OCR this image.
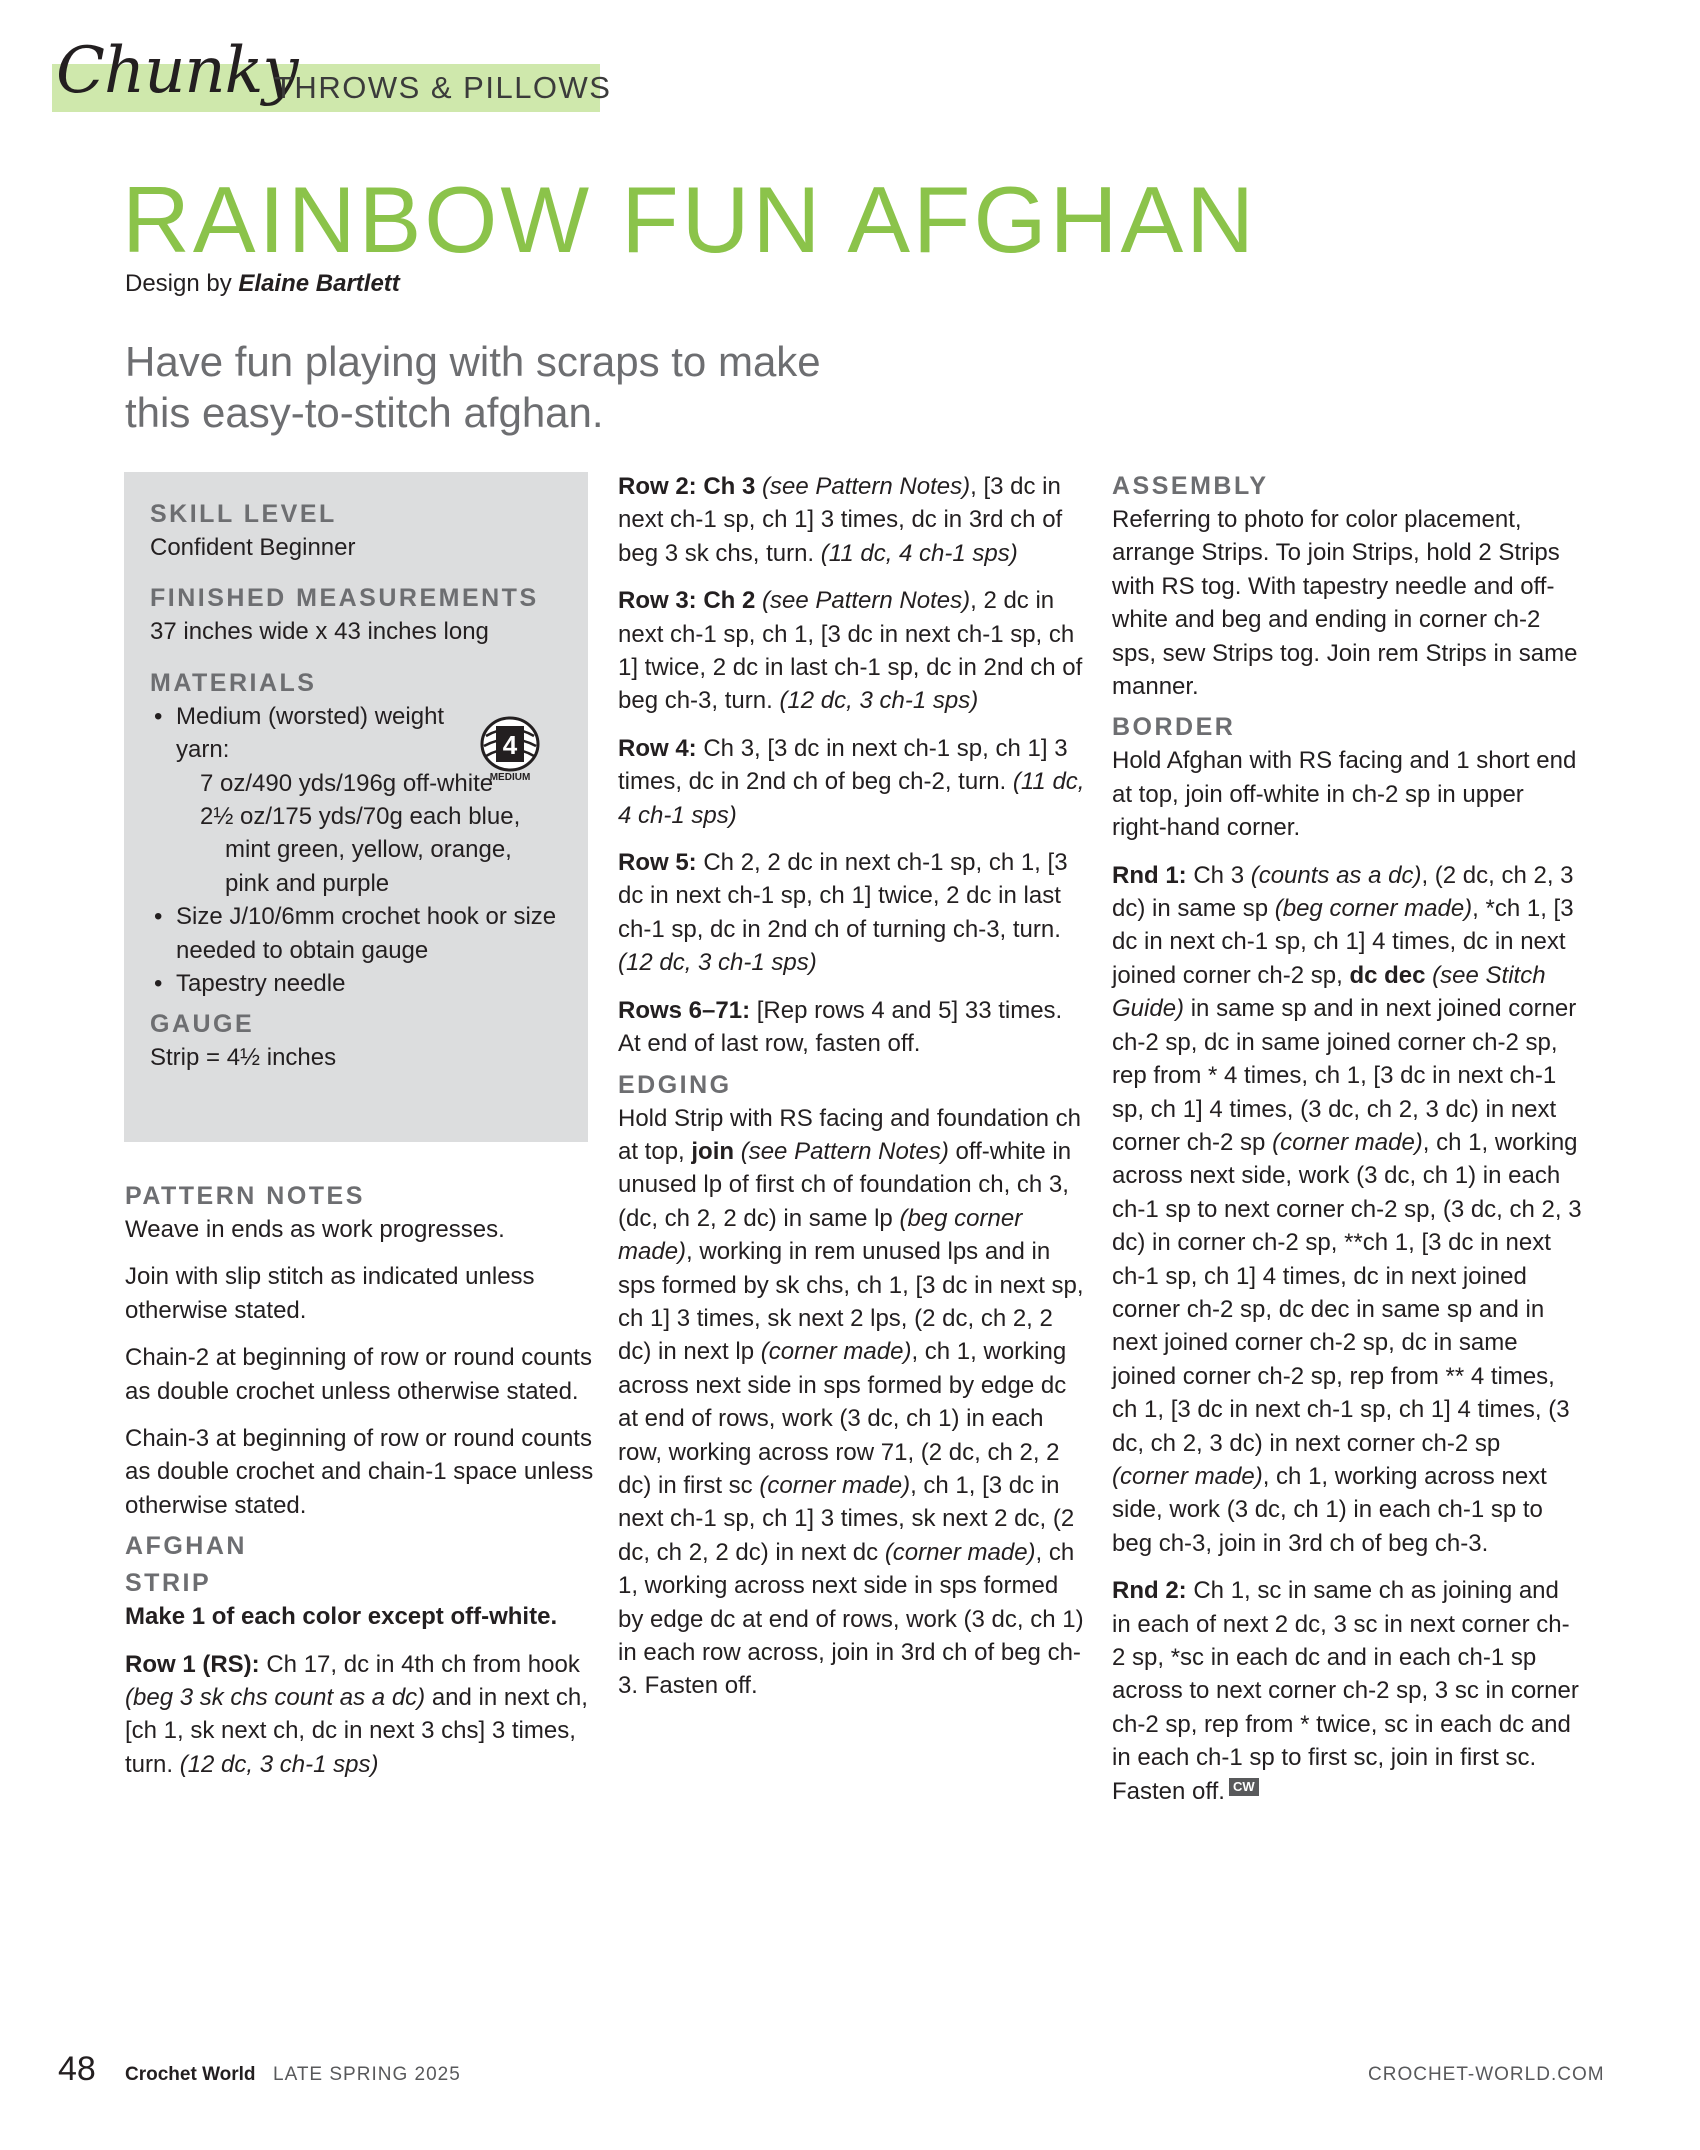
Chunky
THROWS & PILLOWS
RAINBOW FUN AFGHAN
Design by Elaine Bartlett
Have fun playing with scraps to make
this easy-to-stitch afghan.
SKILL LEVEL
Confident Beginner
FINISHED MEASUREMENTS
37 inches wide x 43 inches long
MATERIALS
• Medium (worsted) weight
yarn:
7 oz/490 yds/196g off-white
2½ oz/175 yds/70g each blue,
mint green, yellow, orange,
pink and purple
• Size J/10/6mm crochet hook or size
needed to obtain gauge
• Tapestry needle
GAUGE
Strip = 4½ inches
4
MEDIUM
PATTERN NOTES

Weave in ends as work progresses.

Join with slip stitch as indicated unless otherwise stated.

Chain-2 at beginning of row or round counts as double crochet unless otherwise stated.

Chain-3 at beginning of row or round counts as double crochet and chain-1 space unless otherwise stated.

AFGHAN
STRIP

Make 1 of each color except off-white.

Row 1 (RS): Ch 17, dc in 4th ch from hook (beg 3 sk chs count as a dc) and in next ch, [ch 1, sk next ch, dc in next 3 chs] 3 times, turn. (12 dc, 3 ch-1 sps)

Row 2: Ch 3 (see Pattern Notes), [3 dc in next ch-1 sp, ch 1] 3 times, dc in 3rd ch of beg 3 sk chs, turn. (11 dc, 4 ch-1 sps)

Row 3: Ch 2 (see Pattern Notes), 2 dc in next ch-1 sp, ch 1, [3 dc in next ch-1 sp, ch 1] twice, 2 dc in last ch-1 sp, dc in 2nd ch of beg ch-3, turn. (12 dc, 3 ch-1 sps)

Row 4: Ch 3, [3 dc in next ch-1 sp, ch 1] 3 times, dc in 2nd ch of beg ch-2, turn. (11 dc, 4 ch-1 sps)

Row 5: Ch 2, 2 dc in next ch-1 sp, ch 1, [3 dc in next ch-1 sp, ch 1] twice, 2 dc in last ch-1 sp, dc in 2nd ch of turning ch-3, turn. (12 dc, 3 ch-1 sps)

Rows 6–71: [Rep rows 4 and 5] 33 times. At end of last row, fasten off.

EDGING

Hold Strip with RS facing and foundation ch at top, join (see Pattern Notes) off-white in unused lp of first ch of foundation ch, ch 3, (dc, ch 2, 2 dc) in same lp (beg corner made), working in rem unused lps and in sps formed by sk chs, ch 1, [3 dc in next sp, ch 1] 3 times, sk next 2 lps, (2 dc, ch 2, 2 dc) in next lp (corner made), ch 1, working across next side in sps formed by edge dc at end of rows, work (3 dc, ch 1) in each row, working across row 71, (2 dc, ch 2, 2 dc) in first sc (corner made), ch 1, [3 dc in next ch-1 sp, ch 1] 3 times, sk next 2 dc, (2 dc, ch 2, 2 dc) in next dc (corner made), ch 1, working across next side in sps formed by edge dc at end of rows, work (3 dc, ch 1) in each row across, join in 3rd ch of beg ch-3. Fasten off.

ASSEMBLY

Referring to photo for color placement, arrange Strips. To join Strips, hold 2 Strips with RS tog. With tapestry needle and off-white and beg and ending in corner ch-2 sps, sew Strips tog. Join rem Strips in same manner.

BORDER

Hold Afghan with RS facing and 1 short end at top, join off-white in ch-2 sp in upper right-hand corner.

Rnd 1: Ch 3 (counts as a dc), (2 dc, ch 2, 3 dc) in same sp (beg corner made), *ch 1, [3 dc in next ch-1 sp, ch 1] 4 times, dc in next joined corner ch-2 sp, dc dec (see Stitch Guide) in same sp and in next joined corner ch-2 sp, dc in same joined corner ch-2 sp, rep from * 4 times, ch 1, [3 dc in next ch-1 sp, ch 1] 4 times, (3 dc, ch 2, 3 dc) in next corner ch-2 sp (corner made), ch 1, working across next side, work (3 dc, ch 1) in each ch-1 sp to next corner ch-2 sp, (3 dc, ch 2, 3 dc) in corner ch-2 sp, **ch 1, [3 dc in next ch-1 sp, ch 1] 4 times, dc in next joined corner ch-2 sp, dc dec in same sp and in next joined corner ch-2 sp, dc in same joined corner ch-2 sp, rep from ** 4 times, ch 1, [3 dc in next ch-1 sp, ch 1] 4 times, (3 dc, ch 2, 3 dc) in next corner ch-2 sp (corner made), ch 1, working across next side, work (3 dc, ch 1) in each ch-1 sp to beg ch-3, join in 3rd ch of beg ch-3.

Rnd 2: Ch 1, sc in same ch as joining and in each of next 2 dc, 3 sc in next corner ch-2 sp, *sc in each dc and in each ch-1 sp across to next corner ch-2 sp, 3 sc in corner ch-2 sp, rep from * twice, sc in each dc and in each ch-1 sp to first sc, join in first sc. Fasten off. CW

48 Crochet World LATE SPRING 2025	CROCHET-WORLD.COM
